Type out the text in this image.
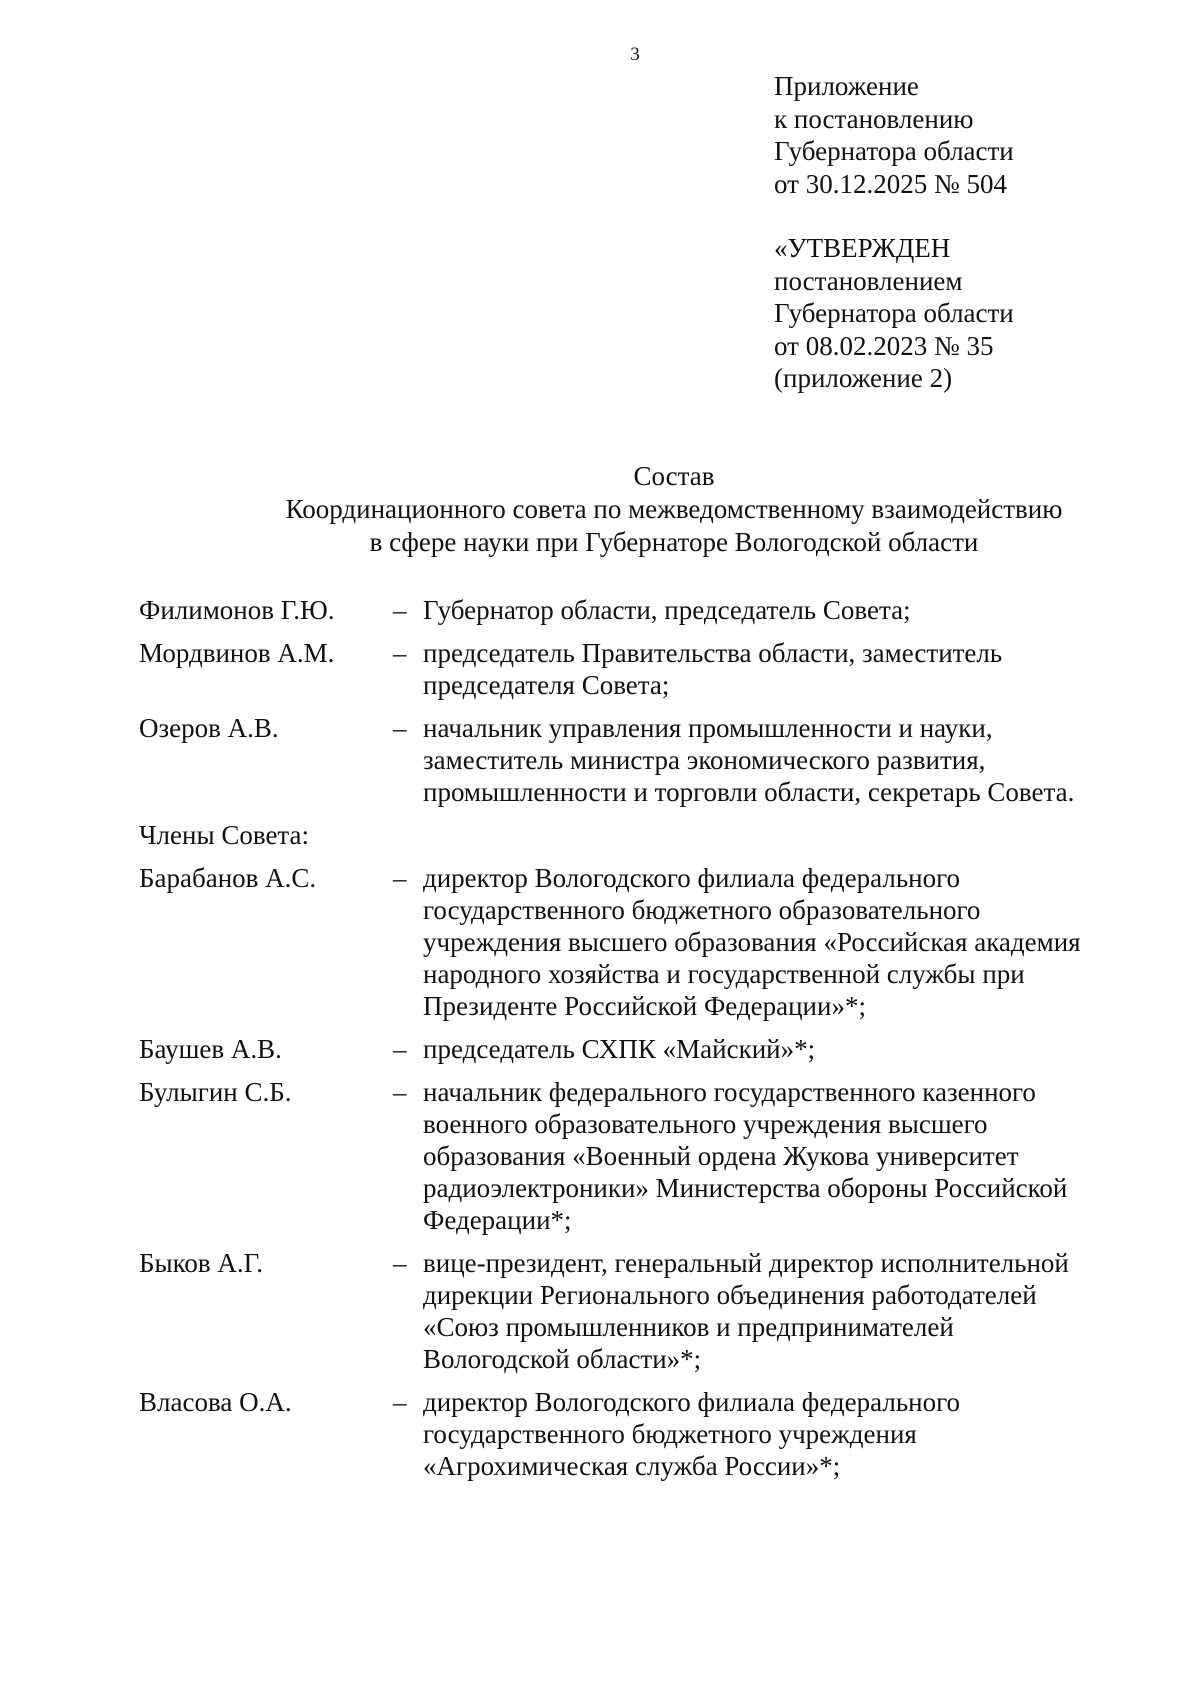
3
Приложение
к постановлению
Губернатора области
от 30.12.2025 № 504
«УТВЕРЖДЕН
постановлением
Губернатора области
от 08.02.2023 № 35
(приложение 2)
Состав
Координационного совета по межведомственному взаимодействию
в сфере науки при Губернаторе Вологодской области
Филимонов Г.Ю.	– Губернатор области, председатель Совета;
Мордвинов А.М.	– председатель Правительства области, заместитель
председателя Совета;
Озеров А.В.	– начальник управления промышленности и науки,
заместитель министра экономического развития,
промышленности и торговли области, секретарь Совета.
Члены Совета:
Барабанов А.С.	– директор Вологодского филиала федерального
государственного бюджетного образовательного
учреждения высшего образования «Российская академия
народного хозяйства и государственной службы при
Президенте Российской Федерации»*;
Баушев А.В.	– председатель СХПК «Майский»*;
Булыгин С.Б.	– начальник федерального государственного казенного
военного образовательного учреждения высшего
образования «Военный ордена Жукова университет
радиоэлектроники» Министерства обороны Российской
Федерации*;
Быков А.Г.	– вице-президент, генеральный директор исполнительной
дирекции Регионального объединения работодателей
«Союз промышленников и предпринимателей
Вологодской области»*;
Власова О.А.	– директор Вологодского филиала федерального
государственного бюджетного учреждения
«Агрохимическая служба России»*;
